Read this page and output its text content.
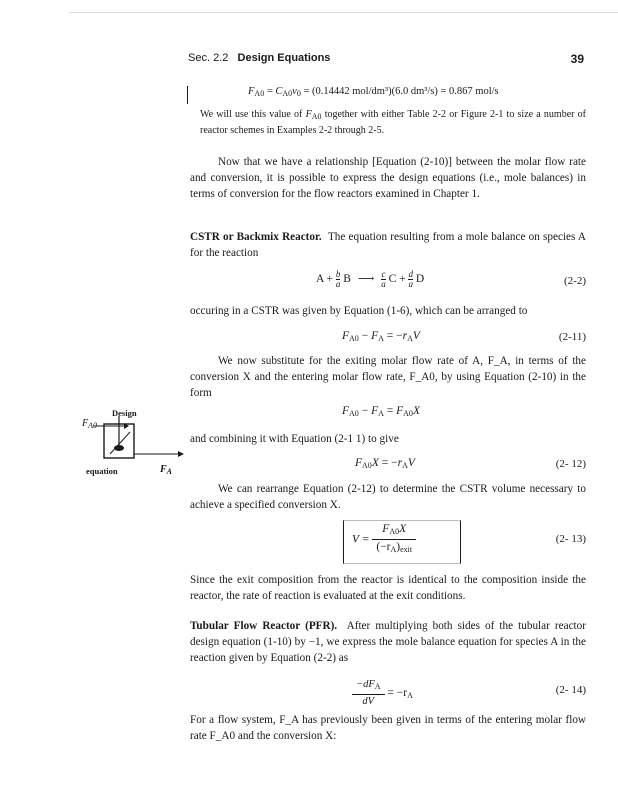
Sec. 2.2 Design Equations	39
$F_{A0} = C_{A0}v_0 = (0.14442$ mol/dm³)(6.0 dm³/s) = 0.867 mol/s

We will use this value of $F_{A0}$ together with either Table 2-2 or Figure 2-1 to size a number of reactor schemes in Examples 2-2 through 2-5.

Now that we have a relationship [Equation (2-10)] between the molar flow rate and conversion, it is possible to express the design equations (i.e., mole balances) in terms of conversion for the flow reactors examined in Chapter 1.

CSTR or Backmix Reactor. The equation resulting from a mole balance on species A for the reaction

$A + \frac{b}{a}$ B ⟶ $\frac{c}{a}$ $C + \frac{d}{a}$ D	(2-2)

occuring in a CSTR was given by Equation (1-6), which can be arranged to

$F_{A0} - F_A = -r_AV$	(2-11)

We now substitute for the exiting molar flow rate of A, F_A, in terms of the conversion X and the entering molar flow rate, F_A0, by using Equation (2-10) in the form

$F_{A0} - F_A = F_{A0}X$

and combining it with Equation (2-1 1) to give

$F_{A0}X = -r_AV$	(2- 12)

We can rearrange Equation (2-12) to determine the CSTR volume necessary to achieve a specified conversion X.

$V = \frac{F_{A0}X}{(-r_A)_{exit}}$	(2- 13)

Since the exit composition from the reactor is identical to the composition inside the reactor, the rate of reaction is evaluated at the exit conditions.

$F_{A0}$
Design
equation	$F_A$

Tubular Flow Reactor (PFR). After multiplying both sides of the tubular reactor design equation (1-10) by −1, we express the mole balance equation for species A in the reaction given by Equation (2-2) as

$\frac{-dF_A}{dV} = -r_A$	(2- 14)

For a flow system, F_A has previously been given in terms of the entering molar flow rate F_A0 and the conversion X:
